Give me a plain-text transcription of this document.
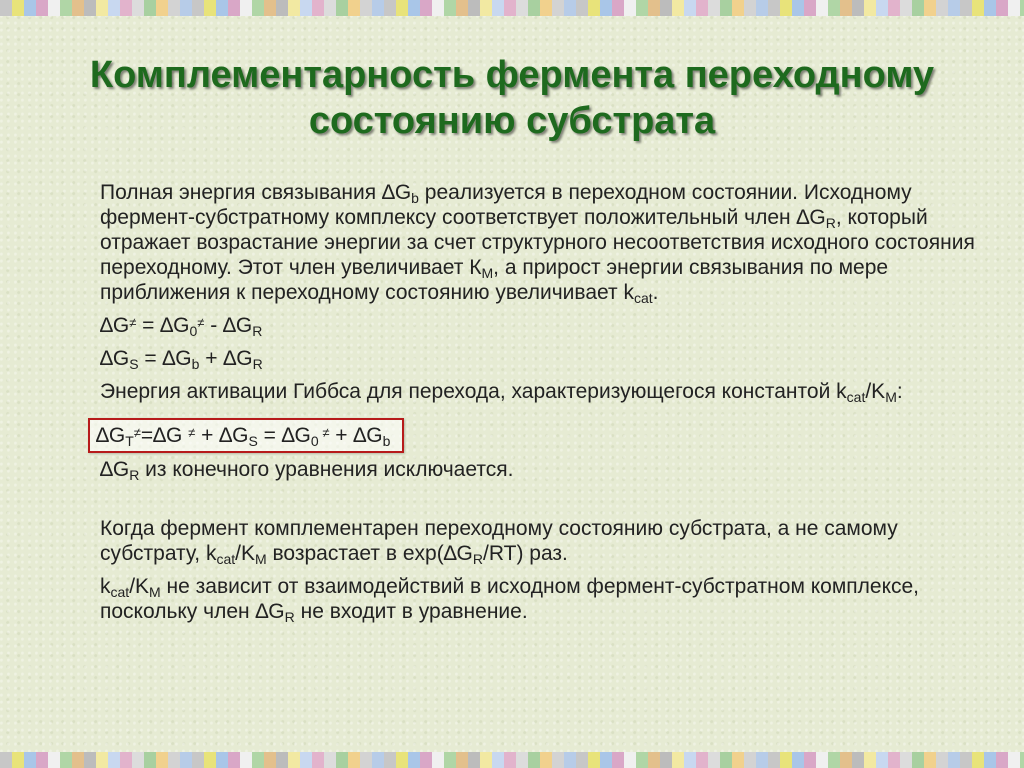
Комплементарность фермента переходному
состоянию субстрата
Полная энергия связывания $\Delta G_b$ реализуется в переходном состоянии. Исходному фермент-субстратному комплексу соответствует положительный член $\Delta G_R$, который отражает возрастание энергии за счет структурного несоответствия исходного состояния переходному. Этот член увеличивает $К_M$, а прирост энергии связывания по мере приближения к переходному состоянию увеличивает $k_{cat}$.
$\Delta G^\ne = \Delta G_0^\ne - \Delta G_R$
$\Delta G_S = \Delta G_b + \Delta G_R$
Энергия активации Гиббса для перехода, характеризующегося константой $k_{cat}/K_M$:
$\Delta G_T^\ne=\Delta G$ $^\ne + \Delta G_S = \Delta G_0$ $^\ne + \Delta G_b$
$\Delta G_R$ из конечного уравнения исключается.
Когда фермент комплементарен переходному состоянию субстрата, а не самому субстрату, $k_{cat}/K_M$ возрастает в $\exp(\Delta G_R/RT)$ раз.
$k_{cat}/K_M$ не зависит от взаимодействий в исходном фермент-субстратном комплексе, поскольку член $\Delta G_R$ не входит в уравнение.
